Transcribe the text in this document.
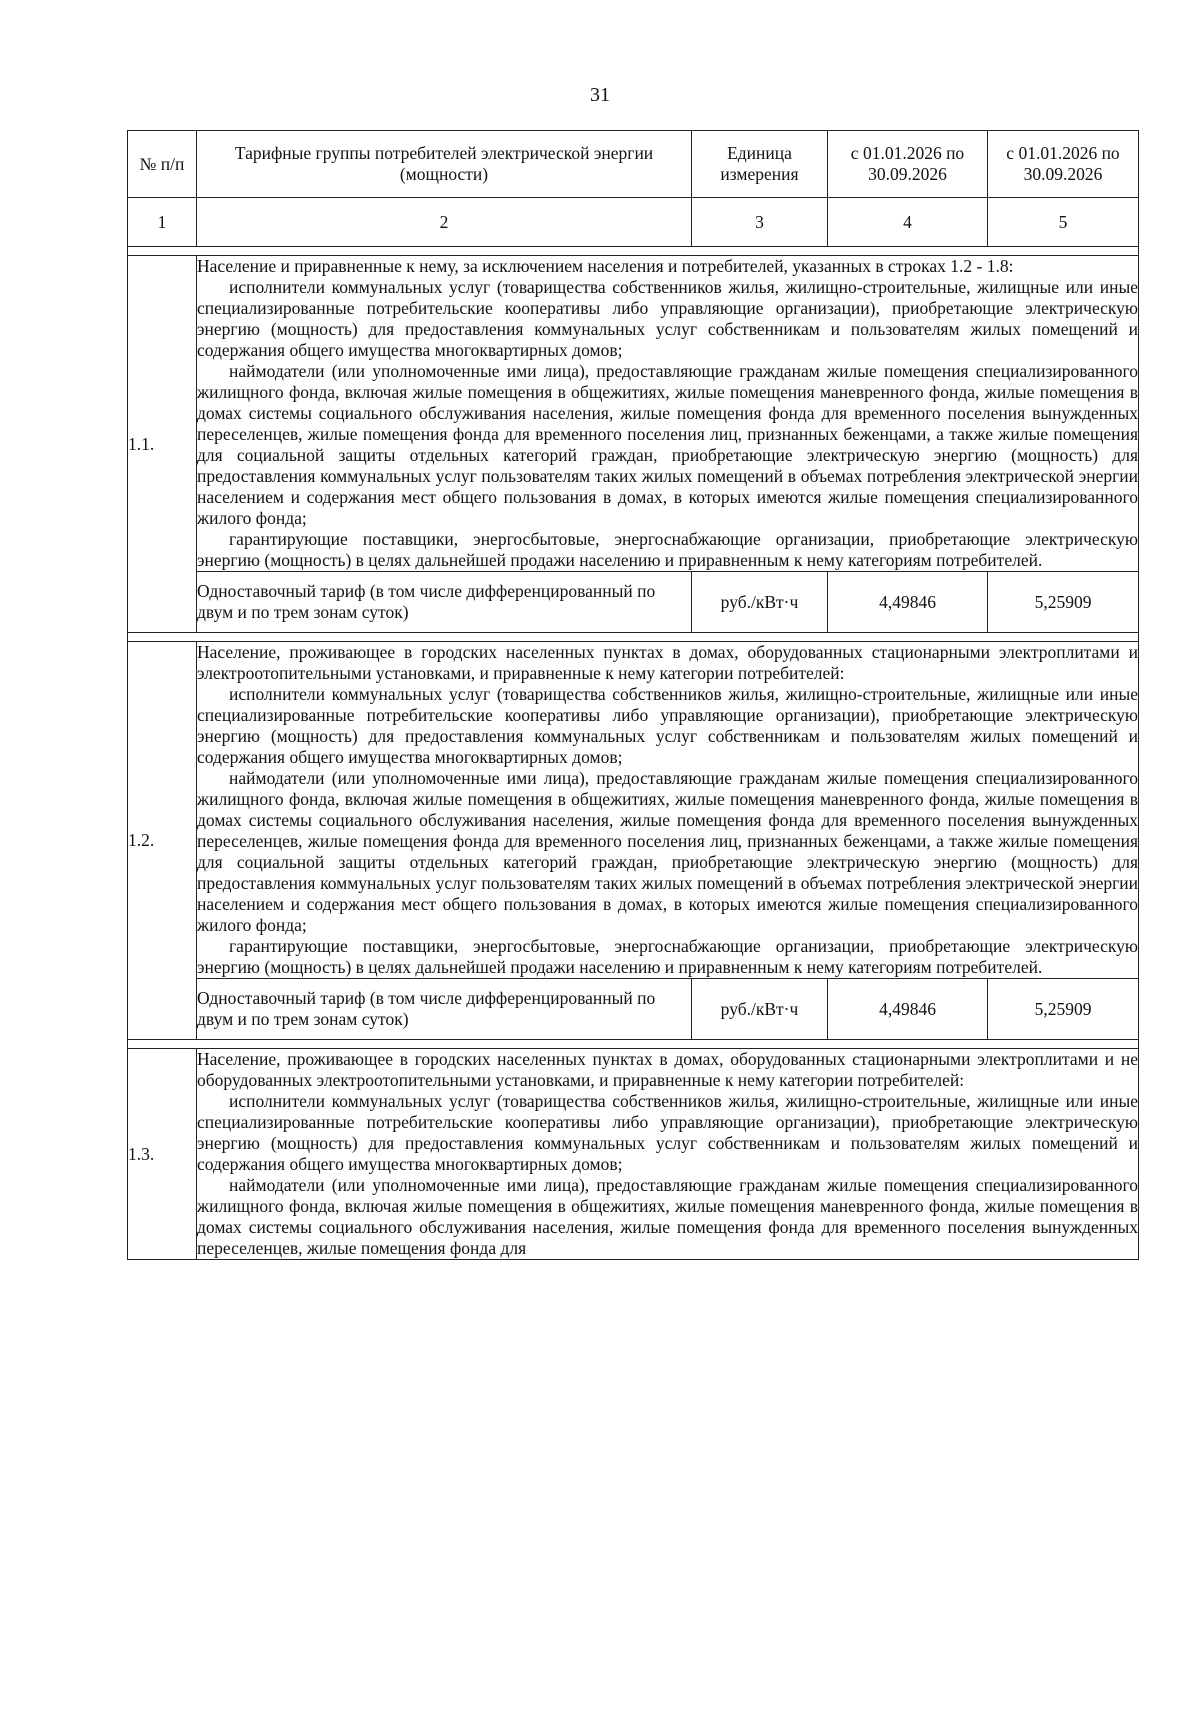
31
№ п/п	Тарифные группы потребителей электрической энергии (мощности)	Единица измерения	с 01.01.2026 по 30.09.2026	с 01.01.2026 по 30.09.2026
1	2	3	4	5

1.1.	Население и приравненные к нему, за исключением населения и потребителей, указанных в строках 1.2 - 1.8:

исполнители коммунальных услуг (товарищества собственников жилья, жилищно-строительные, жилищные или иные специализированные потребительские кооперативы либо управляющие организации), приобретающие электрическую энергию (мощность) для предоставления коммунальных услуг собственникам и пользователям жилых помещений и содержания общего имущества многоквартирных домов;

наймодатели (или уполномоченные ими лица), предоставляющие гражданам жилые помещения специализированного жилищного фонда, включая жилые помещения в общежитиях, жилые помещения маневренного фонда, жилые помещения в домах системы социального обслуживания населения, жилые помещения фонда для временного поселения вынужденных переселенцев, жилые помещения фонда для временного поселения лиц, признанных беженцами, а также жилые помещения для социальной защиты отдельных категорий граждан, приобретающие электрическую энергию (мощность) для предоставления коммунальных услуг пользователям таких жилых помещений в объемах потребления электрической энергии населением и содержания мест общего пользования в домах, в которых имеются жилые помещения специализированного жилого фонда;

гарантирующие поставщики, энергосбытовые, энергоснабжающие организации, приобретающие электрическую энергию (мощность) в целях дальнейшей продажи населению и приравненным к нему категориям потребителей.			

	Одноставочный тариф (в том числе дифференцированный по двум и по трем зонам суток)	руб./кВт·ч	4,49846	5,25909

1.2.	Население, проживающее в городских населенных пунктах в домах, оборудованных стационарными электроплитами и электроотопительными установками, и приравненные к нему категории потребителей:

исполнители коммунальных услуг (товарищества собственников жилья, жилищно-строительные, жилищные или иные специализированные потребительские кооперативы либо управляющие организации), приобретающие электрическую энергию (мощность) для предоставления коммунальных услуг собственникам и пользователям жилых помещений и содержания общего имущества многоквартирных домов;

наймодатели (или уполномоченные ими лица), предоставляющие гражданам жилые помещения специализированного жилищного фонда, включая жилые помещения в общежитиях, жилые помещения маневренного фонда, жилые помещения в домах системы социального обслуживания населения, жилые помещения фонда для временного поселения вынужденных переселенцев, жилые помещения фонда для временного поселения лиц, признанных беженцами, а также жилые помещения для социальной защиты отдельных категорий граждан, приобретающие электрическую энергию (мощность) для предоставления коммунальных услуг пользователям таких жилых помещений в объемах потребления электрической энергии населением и содержания мест общего пользования в домах, в которых имеются жилые помещения специализированного жилого фонда;

гарантирующие поставщики, энергосбытовые, энергоснабжающие организации, приобретающие электрическую энергию (мощность) в целях дальнейшей продажи населению и приравненным к нему категориям потребителей.			

	Одноставочный тариф (в том числе дифференцированный по двум и по трем зонам суток)	руб./кВт·ч	4,49846	5,25909

1.3.	Население, проживающее в городских населенных пунктах в домах, оборудованных стационарными электроплитами и не оборудованных электроотопительными установками, и приравненные к нему категории потребителей:

исполнители коммунальных услуг (товарищества собственников жилья, жилищно-строительные, жилищные или иные специализированные потребительские кооперативы либо управляющие организации), приобретающие электрическую энергию (мощность) для предоставления коммунальных услуг собственникам и пользователям жилых помещений и содержания общего имущества многоквартирных домов;

наймодатели (или уполномоченные ими лица), предоставляющие гражданам жилые помещения специализированного жилищного фонда, включая жилые помещения в общежитиях, жилые помещения маневренного фонда, жилые помещения в домах системы социального обслуживания населения, жилые помещения фонда для временного поселения вынужденных переселенцев, жилые помещения фонда для			
